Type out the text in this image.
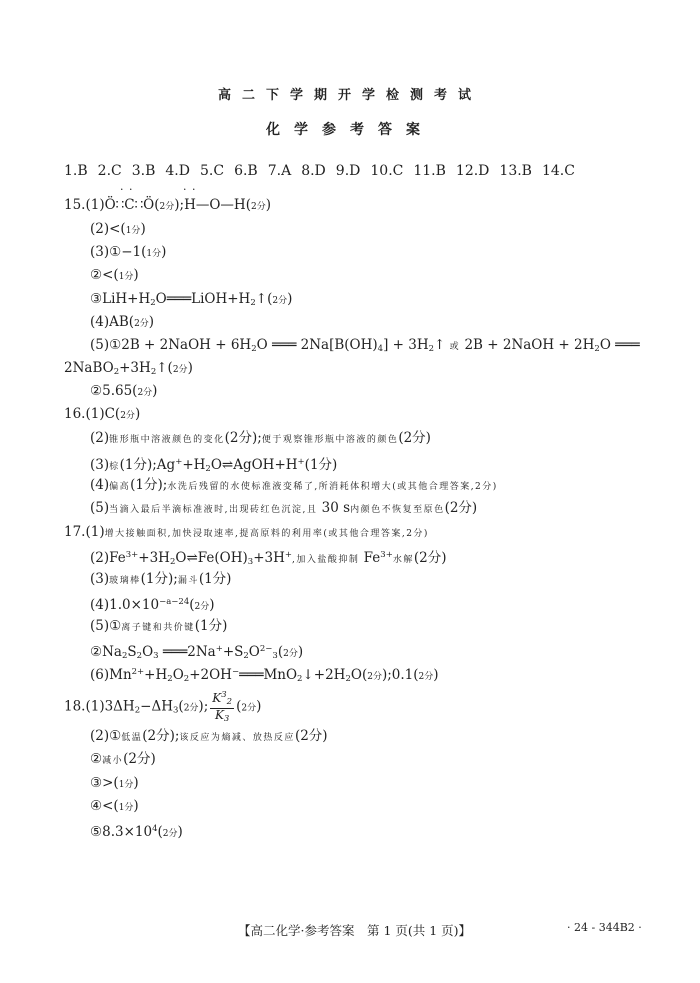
高二下学期开学检测考试
化学参考答案
1.B 2.C 3.B 4.D 5.C 6.B 7.A 8.D 9.D 10.C 11.B 12.D 13.B 14.C
· ·           · ·
15.(1)Ö∷C∷Ö(2分);H—O—H(2分)
(2)<(1分)
(3)①−1(1分)
②<(1分)
$③LiH+H_2O═══LiOH+H_2↑(2$分)
(4)AB(2分)
(5)①2B + 2NaOH + $6H_2O$ ═══ $2Na[B(OH)_4]$ + $3H_2↑$ 或 2B + 2NaOH + $2H_2O$ ═══
$2NaBO_2+3H_2↑(2$分)
②5.65(2分)
16.(1)C(2分)
(2)锥形瓶中溶液颜色的变化(2分);便于观察锥形瓶中溶液的颜色(2分)
(3)棕(1分)$;Ag^++H_2O\rightleftharpoons AgOH+H^+(1$分)
(4)偏高(1分);水洗后残留的水使标准液变稀了,所消耗体积增大(或其他合理答案,2分)
(5)当滴入最后半滴标准液时,出现砖红色沉淀,且 30 s内颜色不恢复至原色(2分)
17.(1)增大接触面积,加快浸取速率,提高原料的利用率(或其他合理答案,2分)
$(2)Fe^{3+}+3H_2O\rightleftharpoons Fe(OH)_3+3H^+$,加入盐酸抑制 $Fe^{3+}$水解(2分)
(3)玻璃棒(1分);漏斗(1分)
$(4)1.0\times 10^{-a-24}(2$分)
(5)①离子键和共价键(1分)
$②Na_2S_2O_3$ $═══2Na^++S_2O^{2-}_3(2$分)
$(6)Mn^{2+}+H_2O_2+2OH^-═══MnO_2↓+2H_2O(2$分);0.1(2分)
$18.(1)3\Delta H_2-\Delta H_3(2$分); $\frac{K^3_2}{K_3} (2$分)
(2)①低温(2分);该反应为熵减、放热反应(2分)
②减小(2分)
③>(1分)
④<(1分)
$⑤8.3\times 10^4(2$分)
【高二化学·参考答案　第 1 页(共 1 页)】	· 24 - 344B2 ·
